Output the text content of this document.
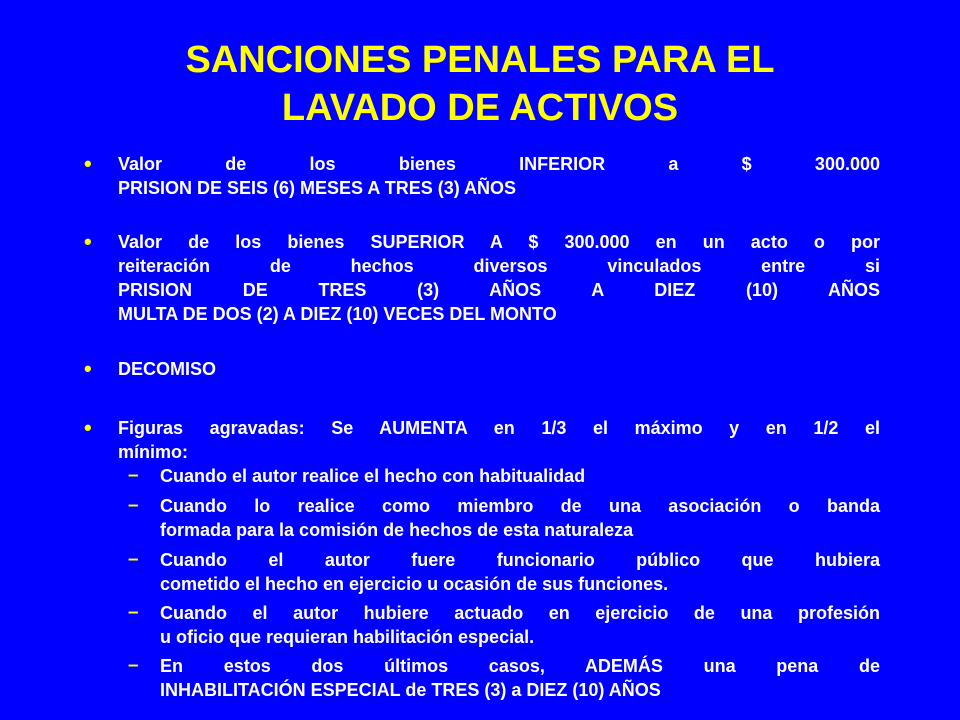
SANCIONES PENALES PARA EL
LAVADO DE ACTIVOS
• Valor de los bienes INFERIOR a $ 300.000
PRISION DE SEIS (6) MESES A TRES (3) AÑOS
• Valor de los bienes SUPERIOR A $ 300.000 en un acto o por
reiteración de hechos diversos vinculados entre si
PRISION DE TRES (3) AÑOS A DIEZ (10) AÑOS
MULTA DE DOS (2) A DIEZ (10) VECES DEL MONTO
• DECOMISO
• Figuras agravadas: Se AUMENTA en 1/3 el máximo y en 1/2 el
mínimo:
– Cuando el autor realice el hecho con habitualidad
– Cuando lo realice como miembro de una asociación o banda
formada para la comisión de hechos de esta naturaleza
– Cuando el autor fuere funcionario público que hubiera
cometido el hecho en ejercicio u ocasión de sus funciones.
– Cuando el autor hubiere actuado en ejercicio de una profesión
u oficio que requieran habilitación especial.
– En estos dos últimos casos, ADEMÁS una pena de
INHABILITACIÓN ESPECIAL de TRES (3) a DIEZ (10) AÑOS
